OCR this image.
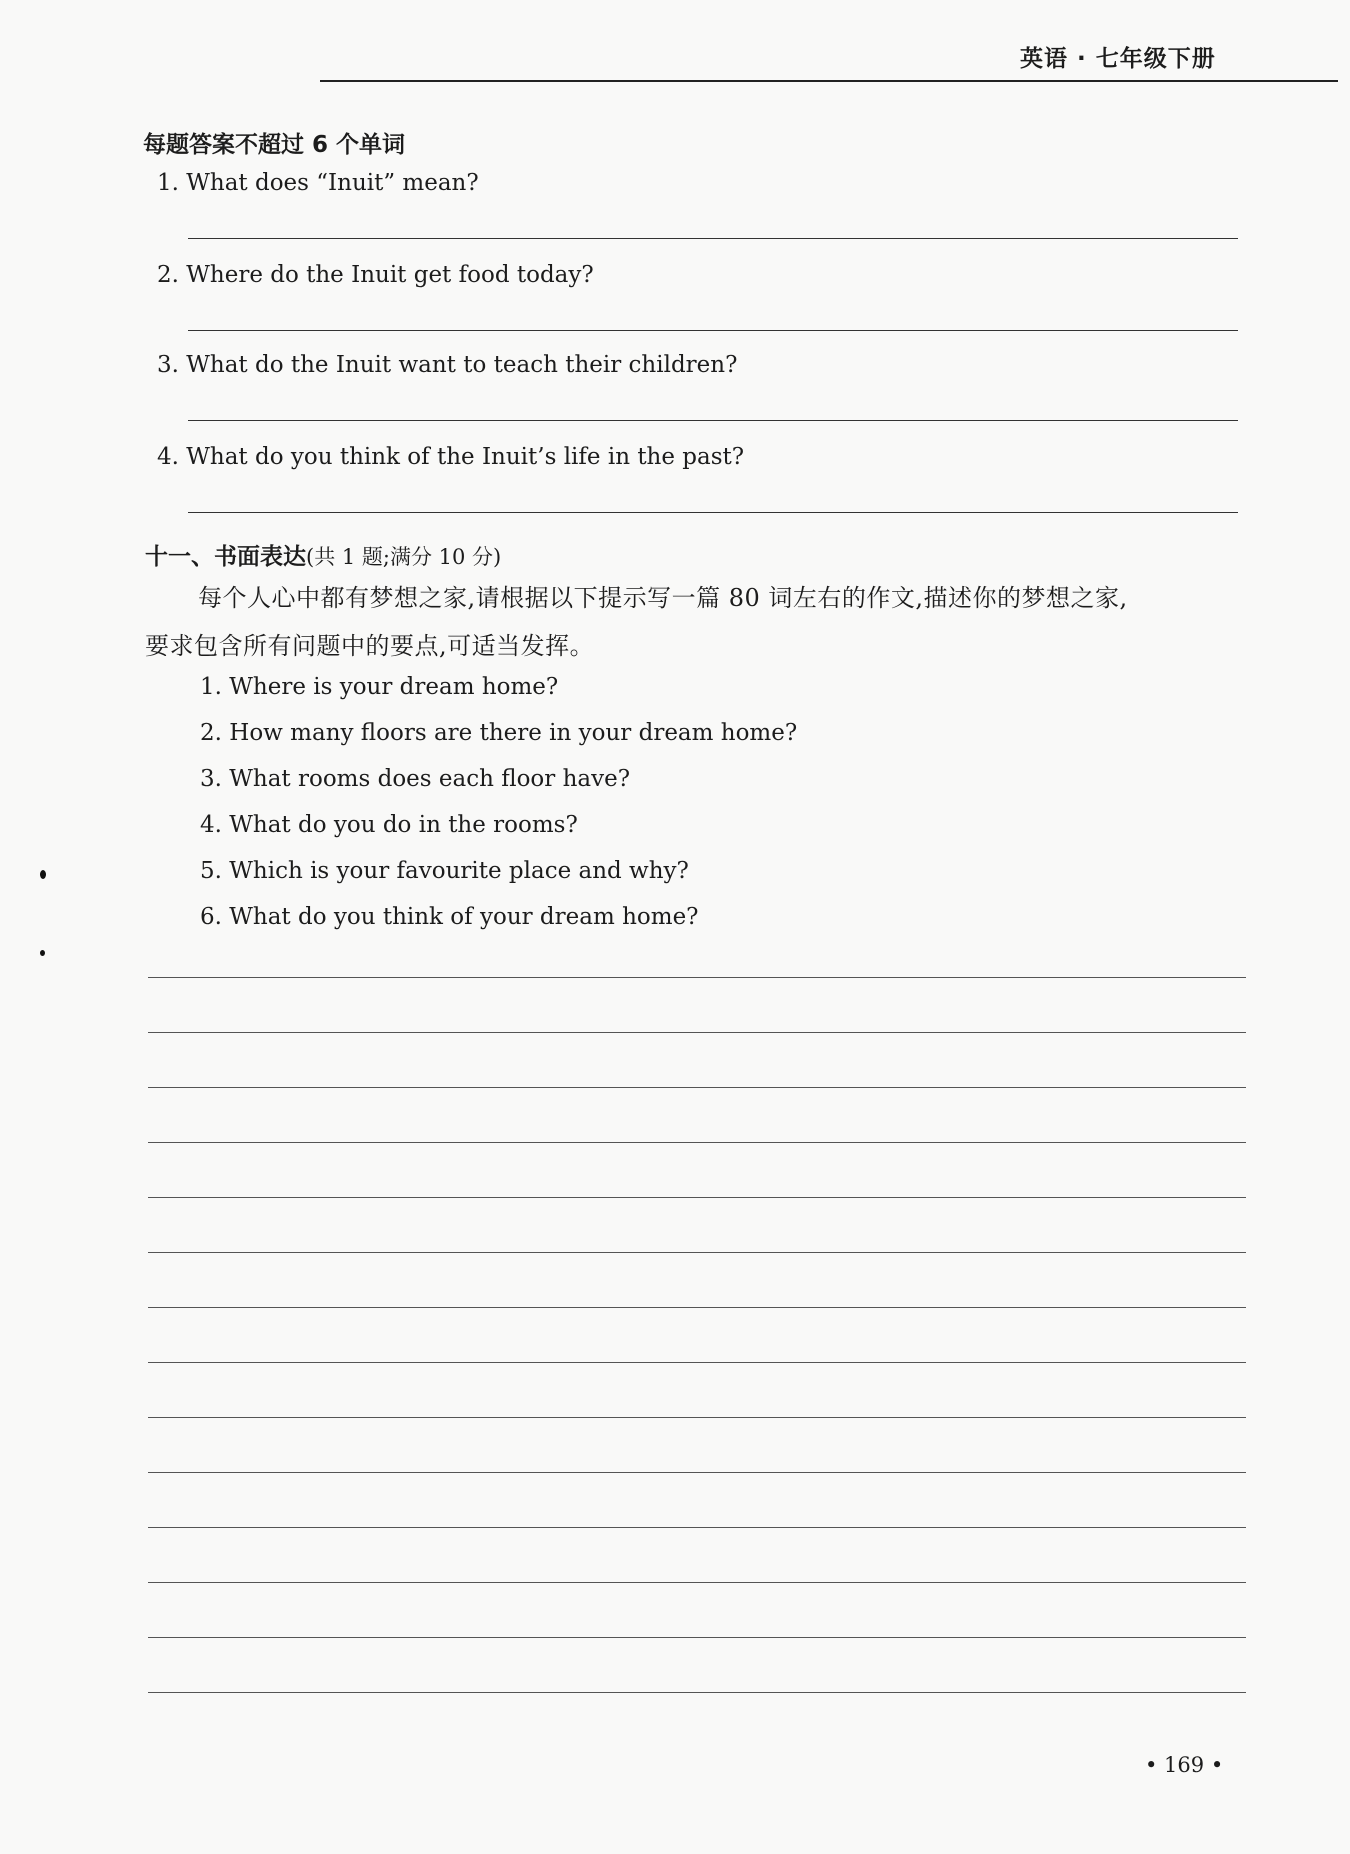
英语 · 七年级下册
每题答案不超过 6 个单词
1. What does “Inuit” mean?
2. Where do the Inuit get food today?
3. What do the Inuit want to teach their children?
4. What do you think of the Inuit’s life in the past?
十一、书面表达(共 1 题;满分 10 分)
每个人心中都有梦想之家,请根据以下提示写一篇 80 词左右的作文,描述你的梦想之家,
要求包含所有问题中的要点,可适当发挥。
1. Where is your dream home?
2. How many floors are there in your dream home?
3. What rooms does each floor have?
4. What do you do in the rooms?
5. Which is your favourite place and why?
6. What do you think of your dream home?
• 169 •
